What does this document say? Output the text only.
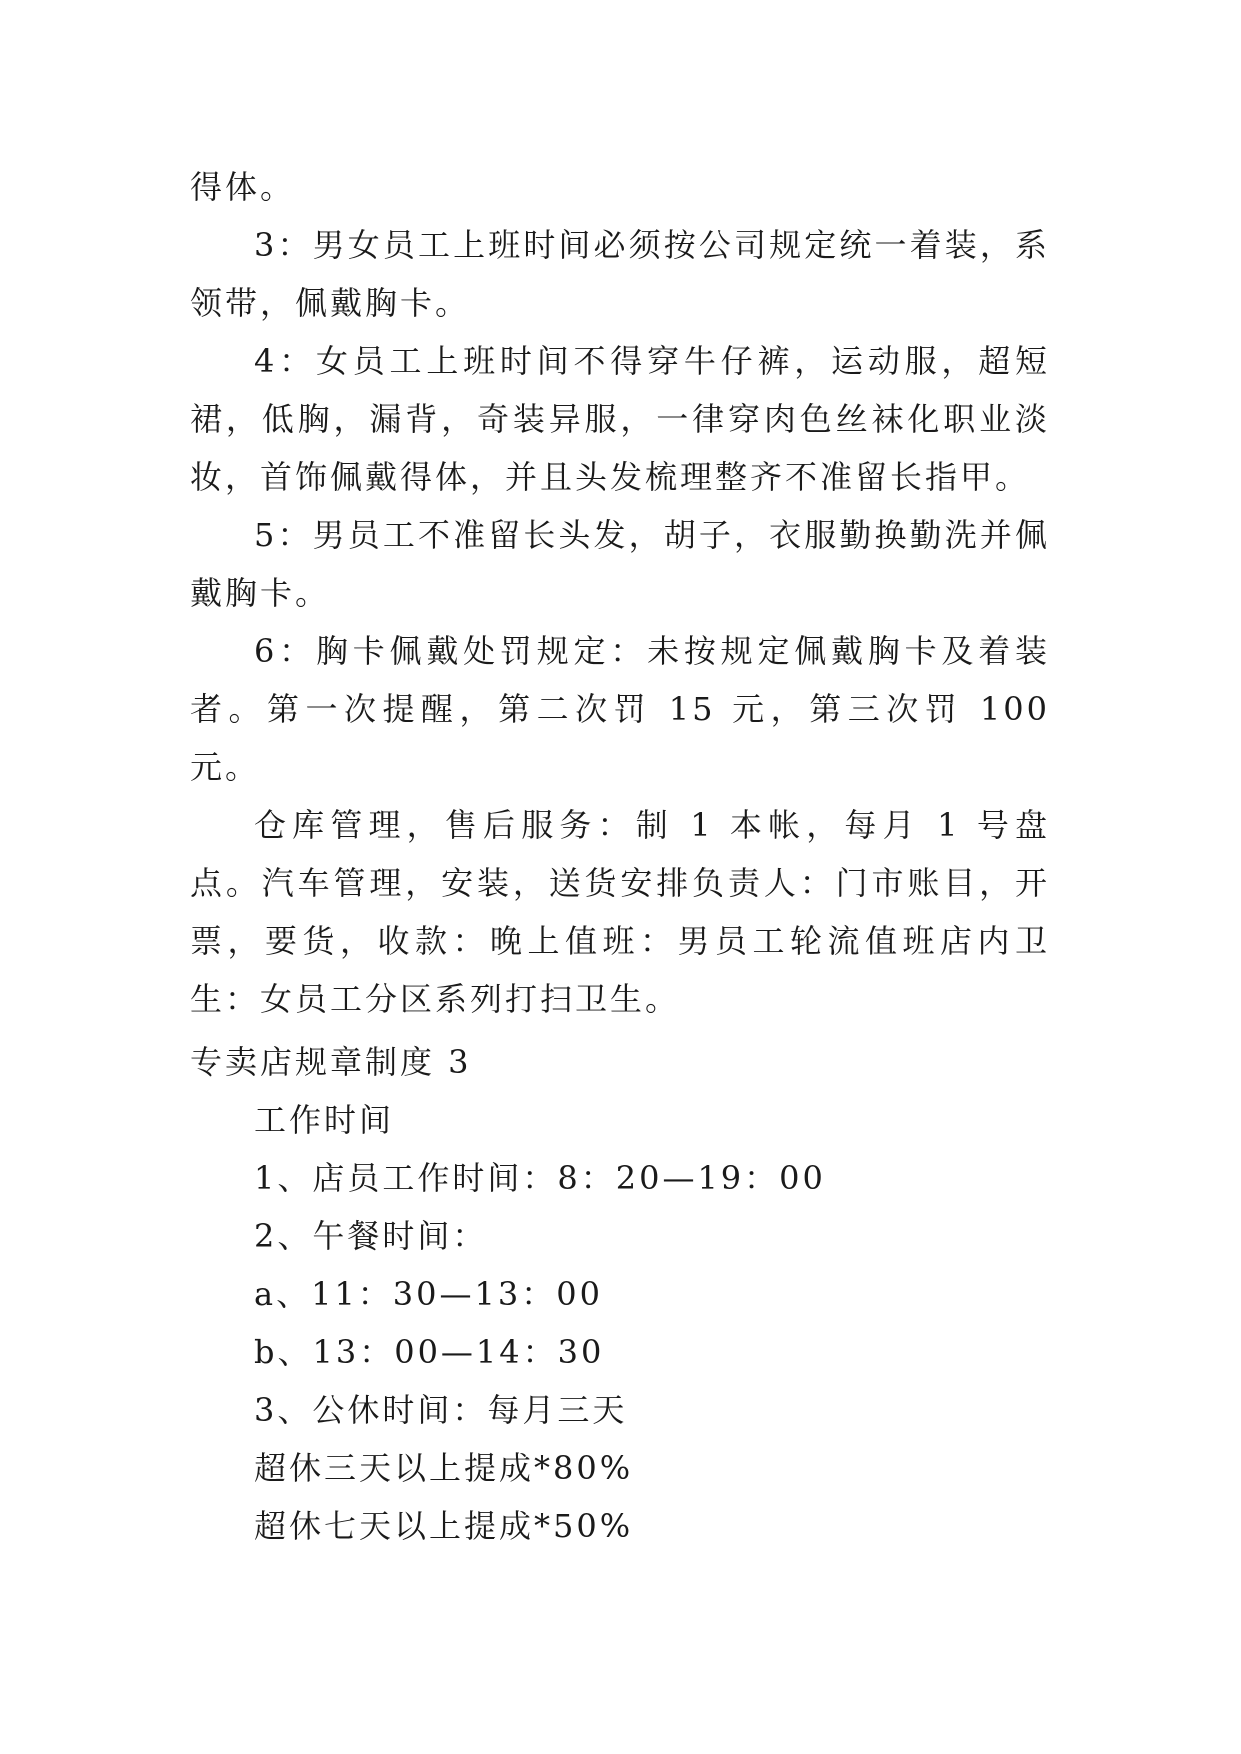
得体。

3：男女员工上班时间必须按公司规定统一着装，系领带，佩戴胸卡。

4：女员工上班时间不得穿牛仔裤，运动服，超短裙，低胸，漏背，奇装异服，一律穿肉色丝袜化职业淡妆，首饰佩戴得体，并且头发梳理整齐不准留长指甲。

5：男员工不准留长头发，胡子，衣服勤换勤洗并佩戴胸卡。

6：胸卡佩戴处罚规定：未按规定佩戴胸卡及着装者。第一次提醒，第二次罚 15 元，第三次罚 100 元。

仓库管理，售后服务：制 1 本帐，每月 1 号盘点。汽车管理，安装，送货安排负责人：门市账目，开票，要货，收款：晚上值班：男员工轮流值班店内卫生：女员工分区系列打扫卫生。

专卖店规章制度 3

工作时间

1、店员工作时间：8：20—19：00

2、午餐时间：

a、11：30—13：00

b、13：00—14：30

3、公休时间：每月三天

超休三天以上提成*80%

超休七天以上提成*50%
